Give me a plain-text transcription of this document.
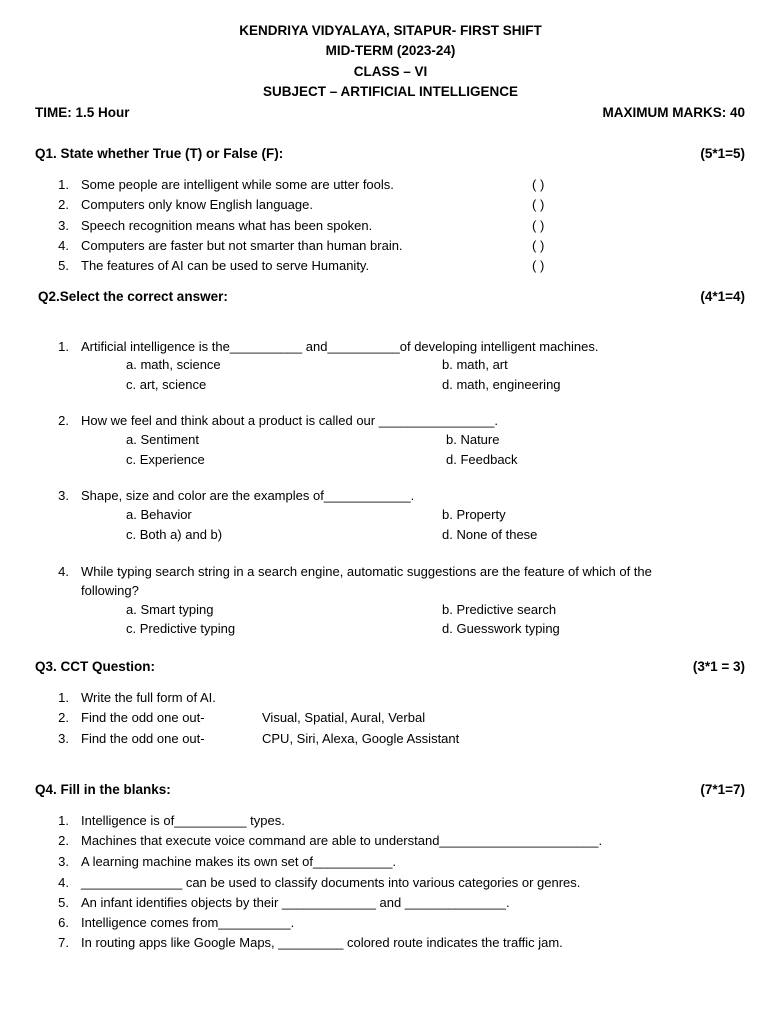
KENDRIYA VIDYALAYA, SITAPUR- FIRST SHIFT
MID-TERM (2023-24)
CLASS – VI
SUBJECT – ARTIFICIAL INTELLIGENCE
TIME: 1.5 Hour	MAXIMUM MARKS: 40
Q1. State whether True (T) or False (F):	(5*1=5)
1. Some people are intelligent while some are utter fools.	( )
2. Computers only know English language.	( )
3. Speech recognition means what has been spoken.	( )
4. Computers are faster but not smarter than human brain.	( )
5. The features of AI can be used to serve Humanity.	( )
Q2.Select the correct answer:	(4*1=4)
1. Artificial intelligence is the__________ and__________of developing intelligent machines.
a. math, science	b. math, art
c. art, science	d. math, engineering
2. How we feel and think about a product is called our ________________.
a. Sentiment	b. Nature
c. Experience	d. Feedback
3. Shape, size and color are the examples of____________.
a. Behavior	b. Property
c. Both a) and b)	d. None of these
4. While typing search string in a search engine, automatic suggestions are the feature of which of the
following?
a. Smart typing	b. Predictive search
c. Predictive typing	d. Guesswork typing
Q3. CCT Question:	(3*1 = 3)
1. Write the full form of AI.
2. Find the odd one out-	Visual, Spatial, Aural, Verbal
3. Find the odd one out-	CPU, Siri, Alexa, Google Assistant
Q4. Fill in the blanks:	(7*1=7)
1. Intelligence is of__________ types.
2. Machines that execute voice command are able to understand______________________.
3. A learning machine makes its own set of___________.
4. ______________ can be used to classify documents into various categories or genres.
5. An infant identifies objects by their _____________ and ______________.
6. Intelligence comes from__________.
7. In routing apps like Google Maps, _________ colored route indicates the traffic jam.
